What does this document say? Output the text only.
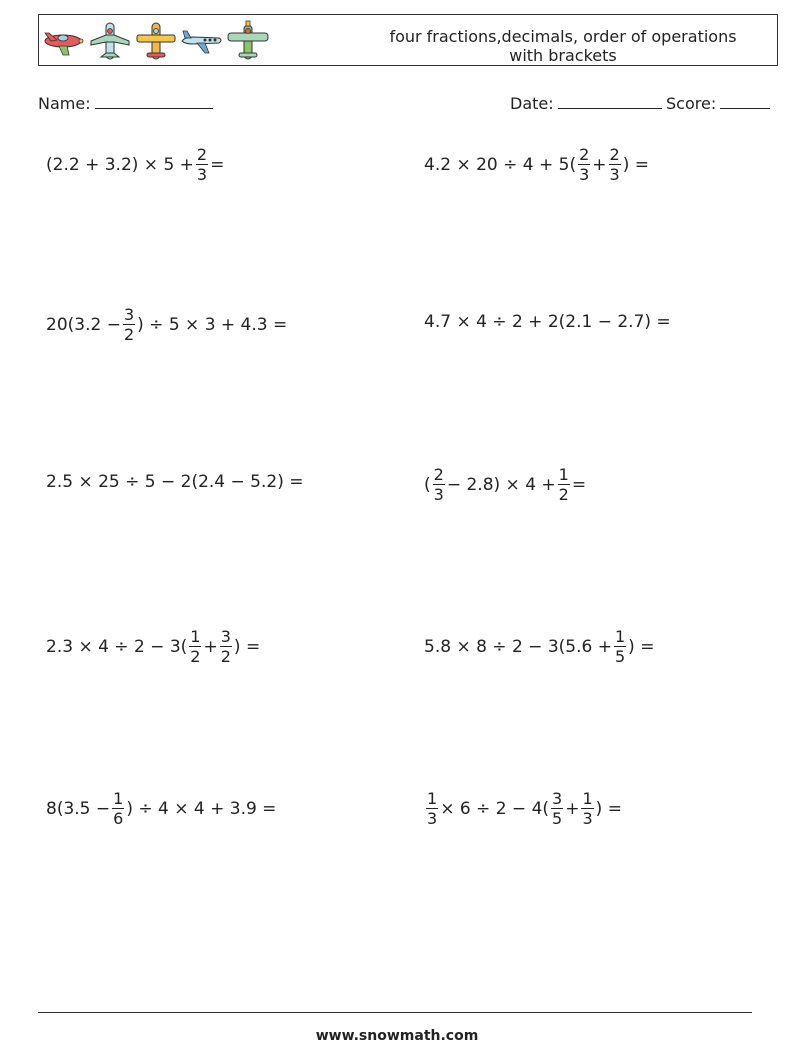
four fractions,decimals, order of operations
with brackets
Name:	Date:	Score:
$(2.2 + 3.2) \times 5 + \frac{2}{3}$ =	$4.2 \times 20 \div 4 + 5( \frac{2}{3} + \frac{2}{3}$ ) =
$20(3.2 - \frac{3}{2}$ ) ÷ 5 × 3 + 4.3 =	4.7 × 4 ÷ 2 + 2(2.1 − 2.7) =
2.5 × 25 ÷ 5 − 2(2.4 − 5.2) =	( $\frac{2}{3} - 2.8) \times 4 + \frac{1}{2}$ =
$2.3 \times 4 \div 2 - 3( \frac{1}{2} + \frac{3}{2}$ ) =	$5.8 \times 8 \div 2 - 3(5.6 + \frac{1}{5}$ ) =
$8(3.5 - \frac{1}{6}$ ) ÷ 4 × 4 + 3.9 =	$\frac{1}{3} \times 6 \div 2 - 4( \frac{3}{5} + \frac{1}{3}$ ) =
www.snowmath.com
